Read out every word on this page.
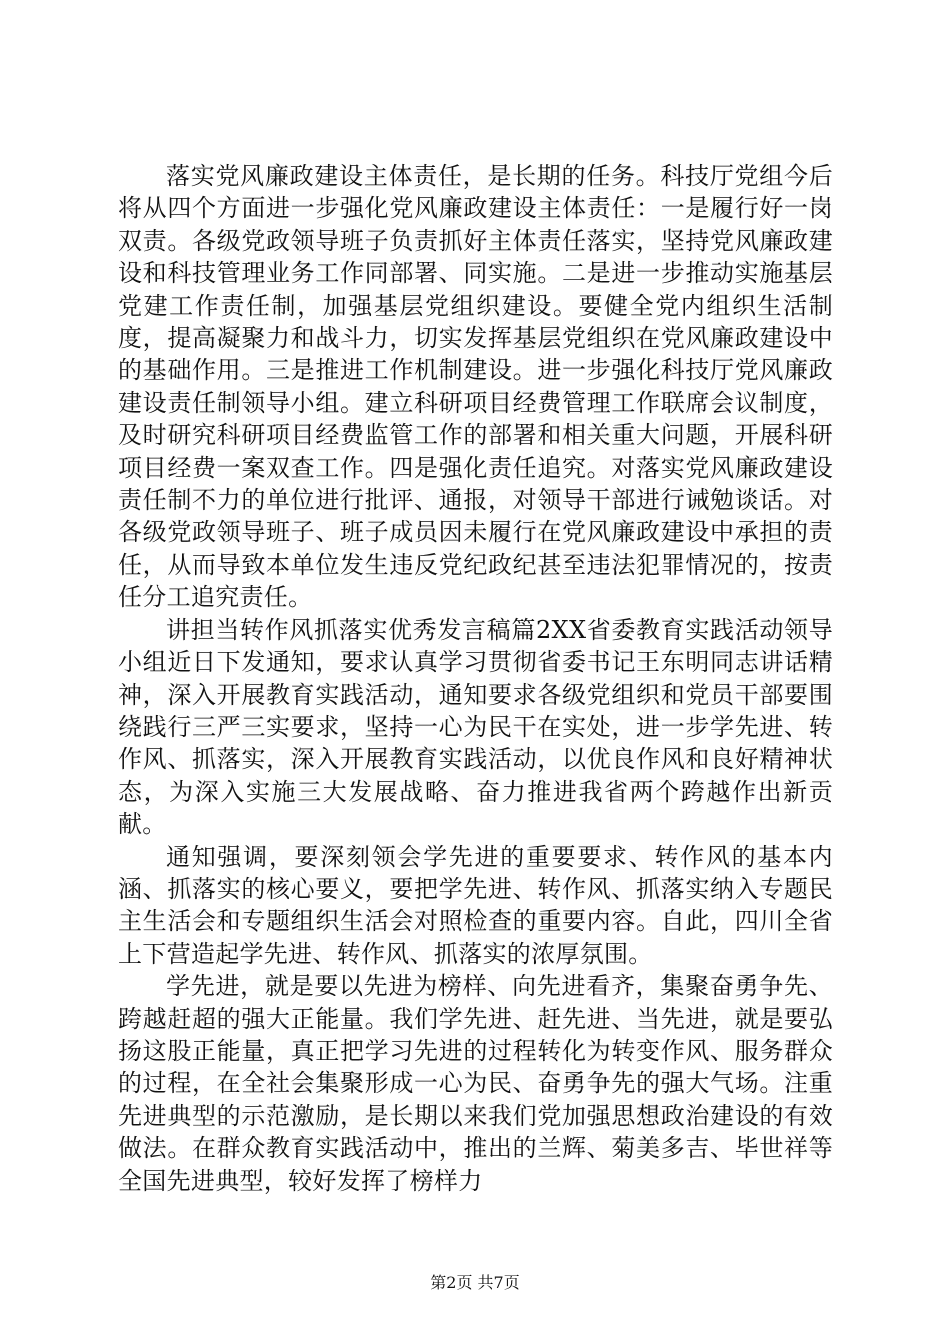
落实党风廉政建设主体责任，是长期的任务。科技厅党组今后将从四个方面进一步强化党风廉政建设主体责任：一是履行好一岗双责。各级党政领导班子负责抓好主体责任落实，坚持党风廉政建设和科技管理业务工作同部署、同实施。二是进一步推动实施基层党建工作责任制，加强基层党组织建设。要健全党内组织生活制度，提高凝聚力和战斗力，切实发挥基层党组织在党风廉政建设中的基础作用。三是推进工作机制建设。进一步强化科技厅党风廉政建设责任制领导小组。建立科研项目经费管理工作联席会议制度，及时研究科研项目经费监管工作的部署和相关重大问题，开展科研项目经费一案双查工作。四是强化责任追究。对落实党风廉政建设责任制不力的单位进行批评、通报，对领导干部进行诫勉谈话。对各级党政领导班子、班子成员因未履行在党风廉政建设中承担的责任，从而导致本单位发生违反党纪政纪甚至违法犯罪情况的，按责任分工追究责任。

讲担当转作风抓落实优秀发言稿篇2XX省委教育实践活动领导小组近日下发通知，要求认真学习贯彻省委书记王东明同志讲话精神，深入开展教育实践活动，通知要求各级党组织和党员干部要围绕践行三严三实要求，坚持一心为民干在实处，进一步学先进、转作风、抓落实，深入开展教育实践活动，以优良作风和良好精神状态，为深入实施三大发展战略、奋力推进我省两个跨越作出新贡献。

通知强调，要深刻领会学先进的重要要求、转作风的基本内涵、抓落实的核心要义，要把学先进、转作风、抓落实纳入专题民主生活会和专题组织生活会对照检查的重要内容。自此，四川全省上下营造起学先进、转作风、抓落实的浓厚氛围。

学先进，就是要以先进为榜样、向先进看齐，集聚奋勇争先、跨越赶超的强大正能量。我们学先进、赶先进、当先进，就是要弘扬这股正能量，真正把学习先进的过程转化为转变作风、服务群众的过程，在全社会集聚形成一心为民、奋勇争先的强大气场。注重先进典型的示范激励，是长期以来我们党加强思想政治建设的有效做法。在群众教育实践活动中，推出的兰辉、菊美多吉、毕世祥等全国先进典型，较好发挥了榜样力

第2页 共7页
